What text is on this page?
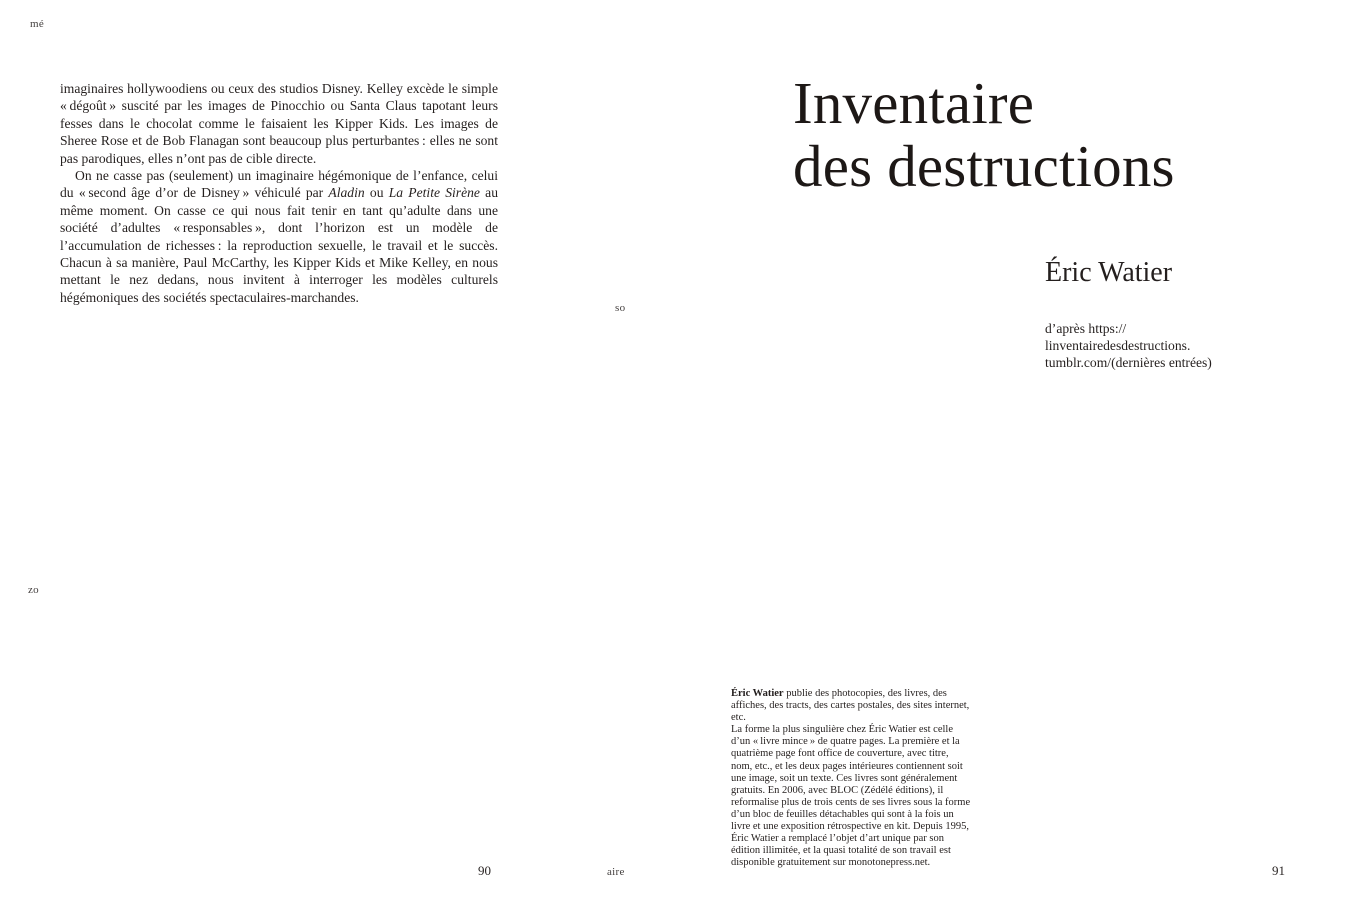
mé
so
zo
aire

imaginaires hollywoodiens ou ceux des studios Disney. Kelley excède le simple « dégoût » suscité par les images de Pinocchio ou Santa Claus tapotant leurs fesses dans le chocolat comme le faisaient les Kipper Kids. Les images de Sheree Rose et de Bob Flanagan sont beaucoup plus perturbantes : elles ne sont pas parodiques, elles n’ont pas de cible directe.

On ne casse pas (seulement) un imaginaire hégémonique de l’enfance, celui du « second âge d’or de Disney » véhiculé par Aladin ou La Petite Sirène au même moment. On casse ce qui nous fait tenir en tant qu’adulte dans une société d’adultes « responsables », dont l’horizon est un modèle de l’accumulation de richesses : la reproduction sexuelle, le travail et le succès. Chacun à sa manière, Paul McCarthy, les Kipper Kids et Mike Kelley, en nous mettant le nez dedans, nous invitent à interroger les modèles culturels hégémoniques des sociétés spectaculaires-marchandes.

90
Inventaire
des destructions
Éric Watier
d’après https://
linventairedesdestructions.
tumblr.com/(dernières entrées)

Éric Watier publie des photocopies, des livres, des affiches, des tracts, des cartes postales, des sites internet, etc.

La forme la plus singulière chez Éric Watier est celle d’un « livre mince » de quatre pages. La première et la quatrième page font office de couverture, avec titre, nom, etc., et les deux pages intérieures contiennent soit une image, soit un texte. Ces livres sont généralement gratuits. En 2006, avec BLOC (Zédélé éditions), il reformalise plus de trois cents de ses livres sous la forme d’un bloc de feuilles détachables qui sont à la fois un livre et une exposition rétrospective en kit. Depuis 1995, Éric Watier a remplacé l’objet d’art unique par son édition illimitée, et la quasi totalité de son travail est disponible gratuitement sur monotonepress.net.

91
